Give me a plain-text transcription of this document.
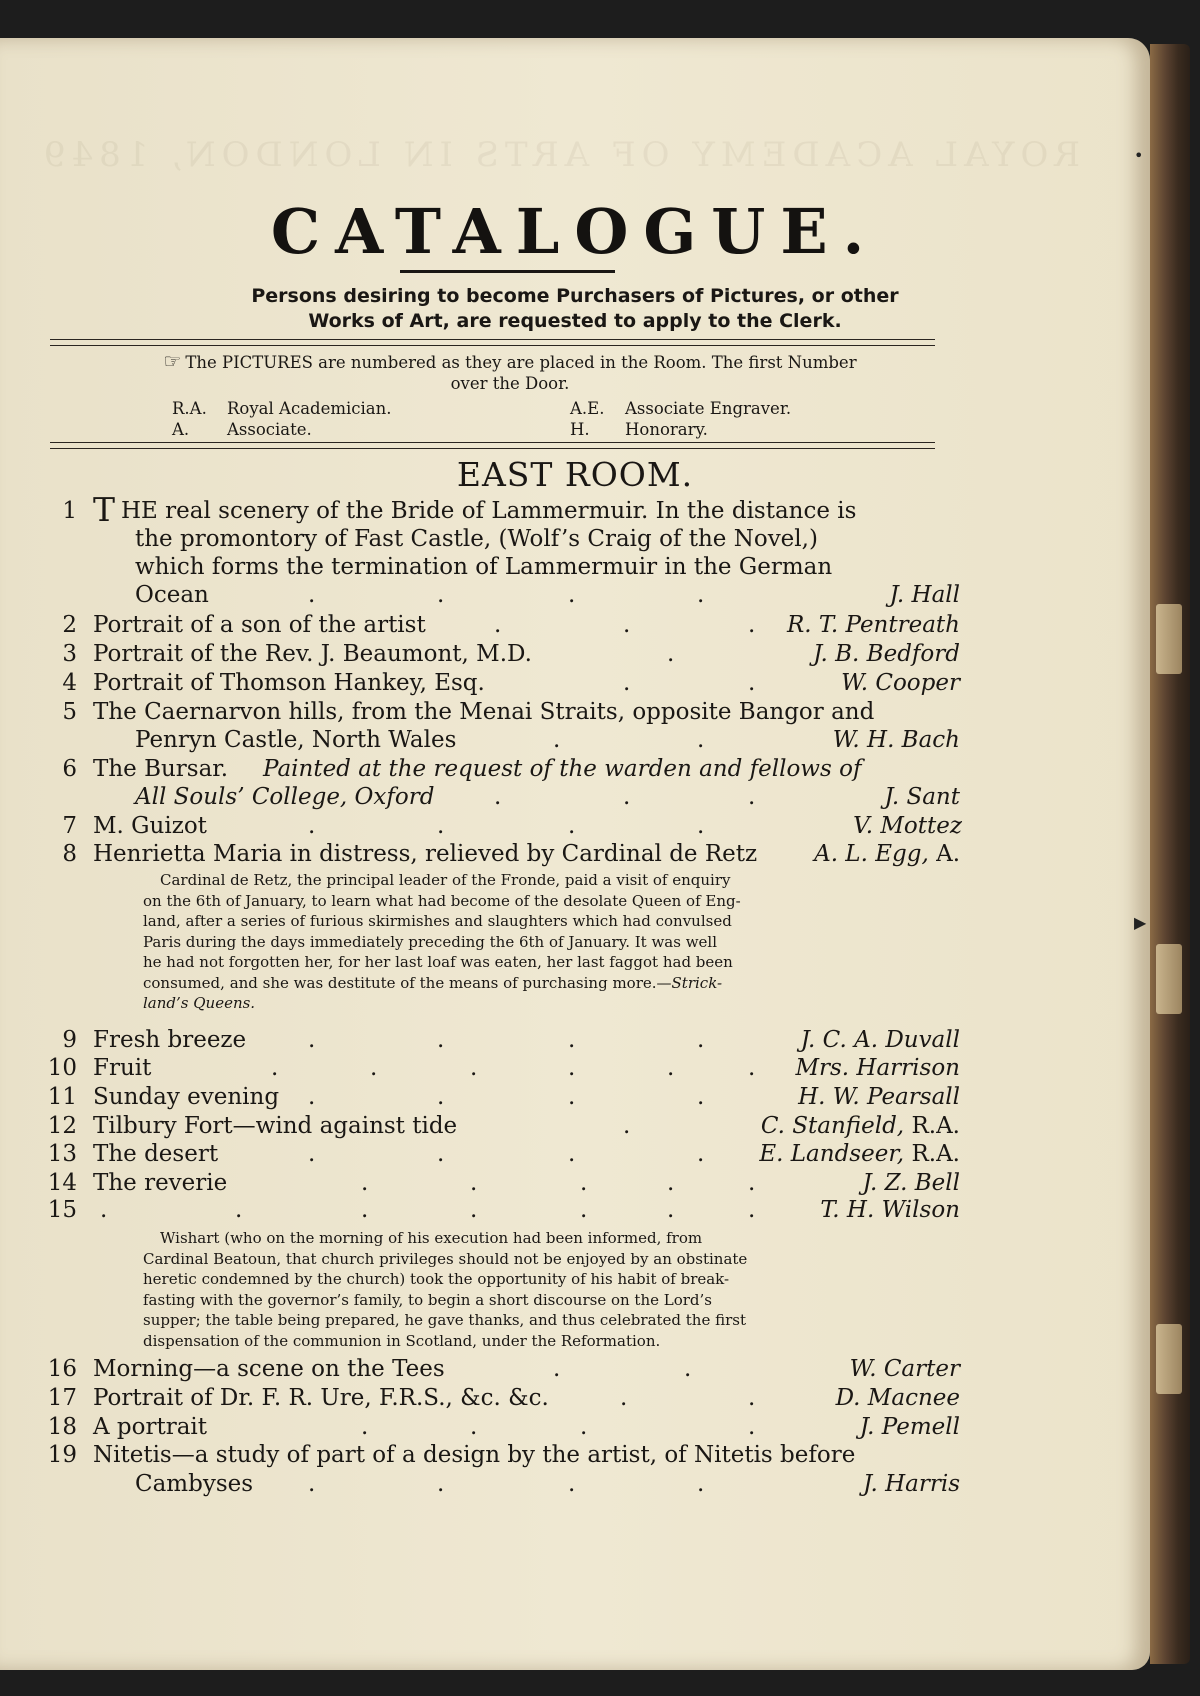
•
▶
ROYAL ACADEMY OF ARTS IN LONDON, 1849
CATALOGUE.
Persons desiring to become Purchasers of Pictures, or other
Works of Art, are requested to apply to the Clerk.
☞ The PICTURES are numbered as they are placed in the Room. The first Number
over the Door.
R.A. Royal Academician.
A. Associate.
A.E. Associate Engraver.
H. Honorary.
EAST ROOM.
1 T HE real scenery of the Bride of Lammermuir. In the distance is
the promontory of Fast Castle, (Wolf’s Craig of the Novel,)
which forms the termination of Lammermuir in the German
Ocean	J. Hall
2 Portrait of a son of the artist	R. T. Pentreath
3 Portrait of the Rev. J. Beaumont, M.D.	J. B. Bedford
4 Portrait of Thomson Hankey, Esq.	W. Cooper
5 The Caernarvon hills, from the Menai Straits, opposite Bangor and
Penryn Castle, North Wales	W. H. Bach
6 The Bursar. Painted at the request of the warden and fellows of
All Souls’ College, Oxford	J. Sant
7 M. Guizot	V. Mottez
8 Henrietta Maria in distress, relieved by Cardinal de Retz A. L. Egg, A.
Cardinal de Retz, the principal leader of the Fronde, paid a visit of enquiry
on the 6th of January, to learn what had become of the desolate Queen of Eng-
land, after a series of furious skirmishes and slaughters which had convulsed
Paris during the days immediately preceding the 6th of January. It was well
he had not forgotten her, for her last loaf was eaten, her last faggot had been
consumed, and she was destitute of the means of purchasing more.—Strick-
land’s Queens.
9 Fresh breeze	J. C. A. Duvall
10 Fruit	Mrs. Harrison
11 Sunday evening	H. W. Pearsall
12 Tilbury Fort—wind against tide	C. Stanfield, R.A.
13 The desert	E. Landseer, R.A.
14 The reverie	J. Z. Bell
15 .	T. H. Wilson
Wishart (who on the morning of his execution had been informed, from
Cardinal Beatoun, that church privileges should not be enjoyed by an obstinate
heretic condemned by the church) took the opportunity of his habit of break-
fasting with the governor’s family, to begin a short discourse on the Lord’s
supper; the table being prepared, he gave thanks, and thus celebrated the first
dispensation of the communion in Scotland, under the Reformation.
16 Morning—a scene on the Tees	W. Carter
17 Portrait of Dr. F. R. Ure, F.R.S., &c. &c.	D. Macnee
18 A portrait	J. Pemell
19 Nitetis—a study of part of a design by the artist, of Nitetis before
Cambyses	J. Harris
.	.	.	.
.	.	.
.
.	.
.	.
.	.	.
.	.	.	.
.	.	.	.
.	.	.	.	.	.
.	.	.	.
.
.	.	.	.
.	.	.	.	.
.	.	.	.	.	.
.	.
.	.
.	.	.	.
.	.	.	.
